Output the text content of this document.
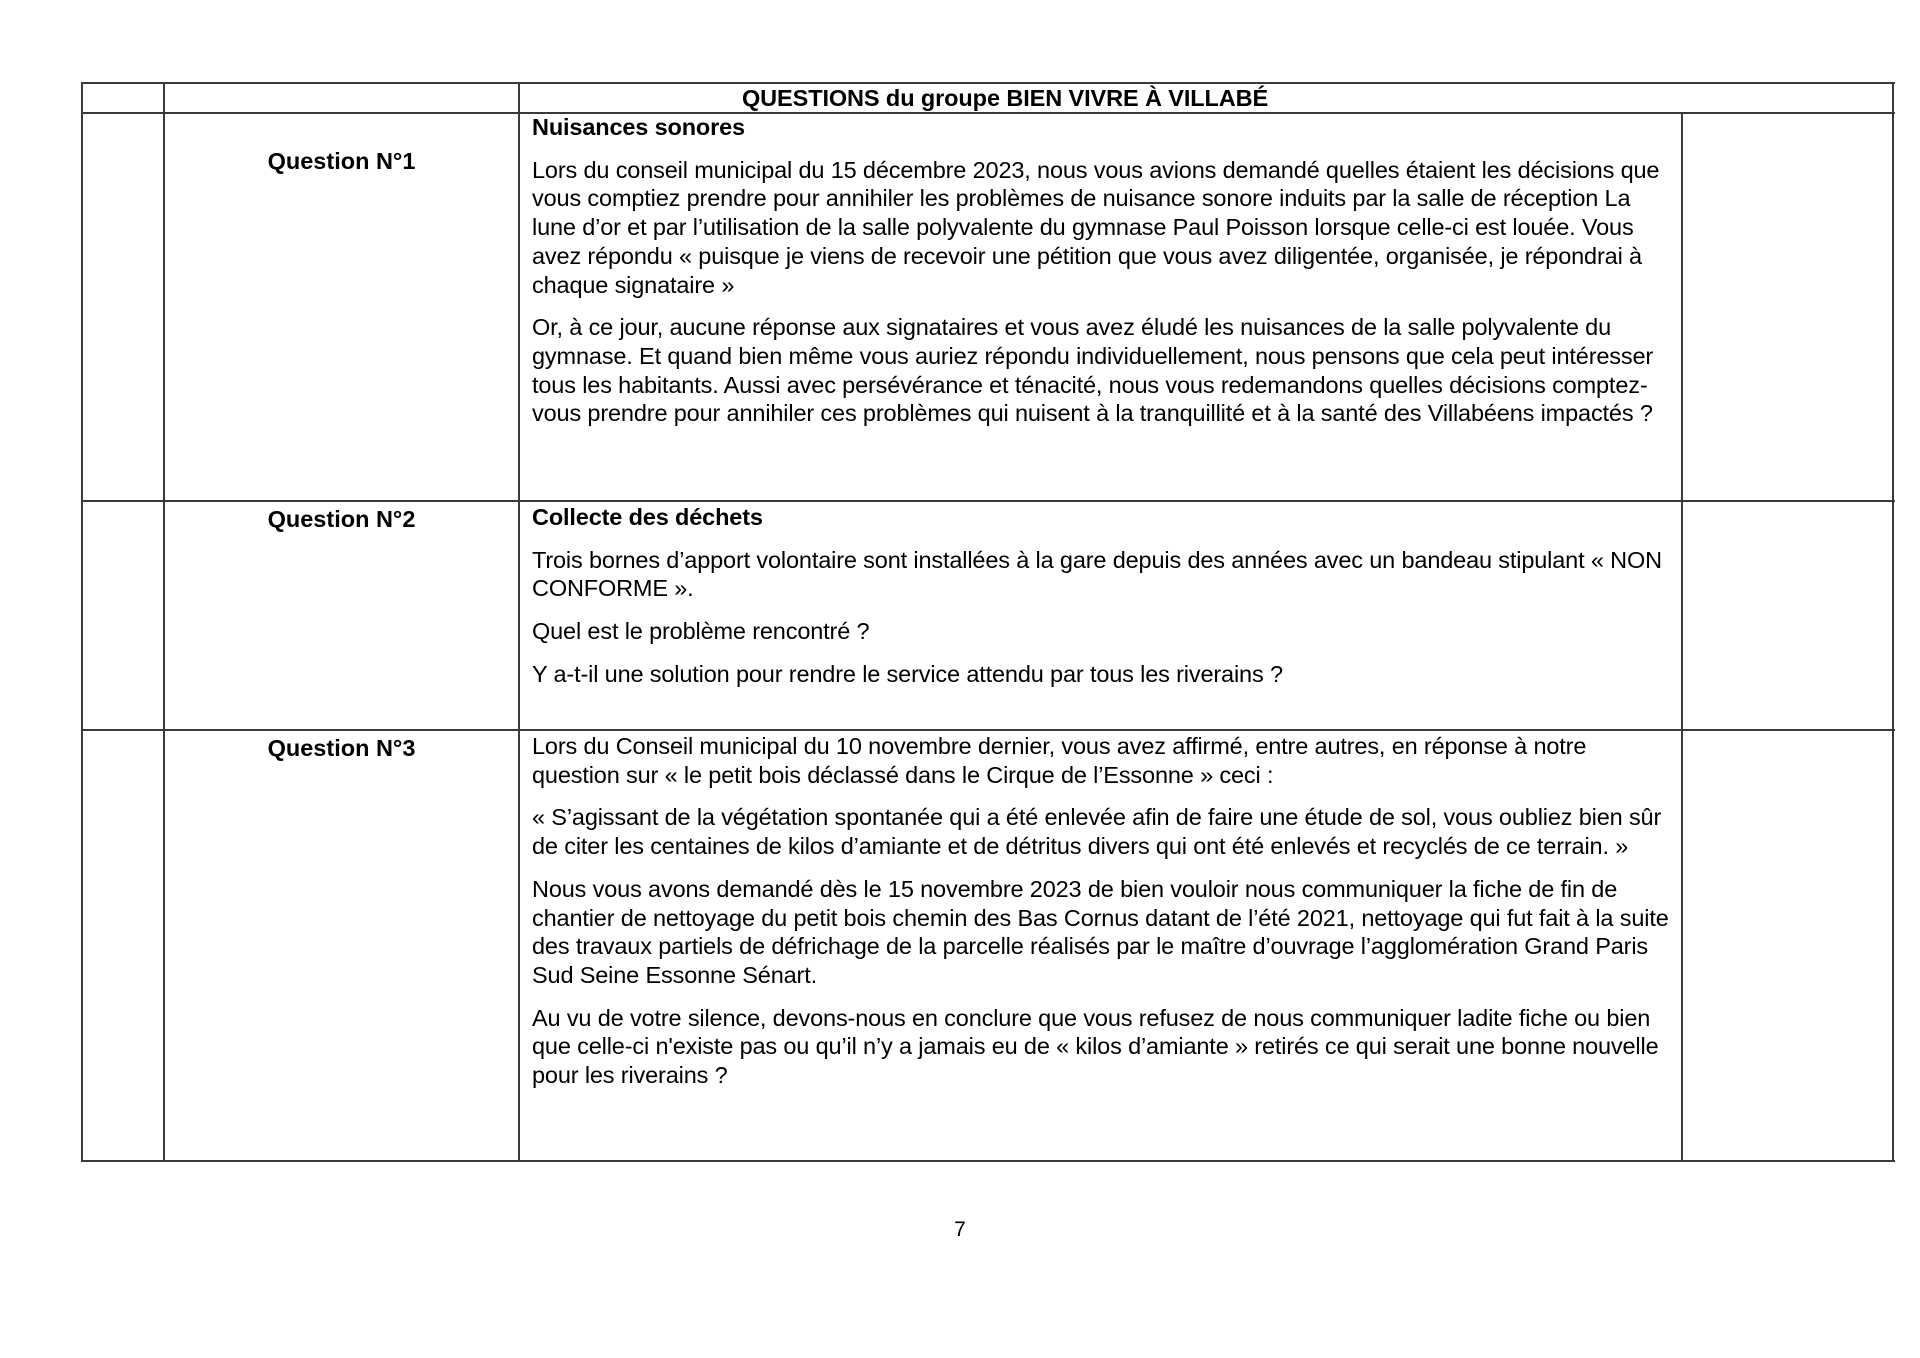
QUESTIONS du groupe BIEN VIVRE À VILLABÉ
Question N°1
Nuisances sonores

Lors du conseil municipal du 15 décembre 2023, nous vous avions demandé quelles étaient les décisions que vous comptiez prendre pour annihiler les problèmes de nuisance sonore induits par la salle de réception La lune d’or et par l’utilisation de la salle polyvalente du gymnase Paul Poisson lorsque celle-ci est louée. Vous avez répondu « puisque je viens de recevoir une pétition que vous avez diligentée, organisée, je répondrai à chaque signataire »

Or, à ce jour, aucune réponse aux signataires et vous avez éludé les nuisances de la salle polyvalente du gymnase. Et quand bien même vous auriez répondu individuellement, nous pensons que cela peut intéresser tous les habitants. Aussi avec persévérance et ténacité, nous vous redemandons quelles décisions comptez-vous prendre pour annihiler ces problèmes qui nuisent à la tranquillité et à la santé des Villabéens impactés ?

Question N°2	Collecte des déchets

Trois bornes d’apport volontaire sont installées à la gare depuis des années avec un bandeau stipulant « NON CONFORME ».

Quel est le problème rencontré ?

Y a-t-il une solution pour rendre le service attendu par tous les riverains ?

Question N°3	Lors du Conseil municipal du 10 novembre dernier, vous avez affirmé, entre autres, en réponse à notre question sur « le petit bois déclassé dans le Cirque de l’Essonne » ceci :

« S’agissant de la végétation spontanée qui a été enlevée afin de faire une étude de sol, vous oubliez bien sûr de citer les centaines de kilos d’amiante et de détritus divers qui ont été enlevés et recyclés de ce terrain. »

Nous vous avons demandé dès le 15 novembre 2023 de bien vouloir nous communiquer la fiche de fin de chantier de nettoyage du petit bois chemin des Bas Cornus datant de l’été 2021, nettoyage qui fut fait à la suite des travaux partiels de défrichage de la parcelle réalisés par le maître d’ouvrage l’agglomération Grand Paris Sud Seine Essonne Sénart.

Au vu de votre silence, devons-nous en conclure que vous refusez de nous communiquer ladite fiche ou bien que celle-ci n'existe pas ou qu’il n’y a jamais eu de « kilos d’amiante » retirés ce qui serait une bonne nouvelle pour les riverains ?

7
